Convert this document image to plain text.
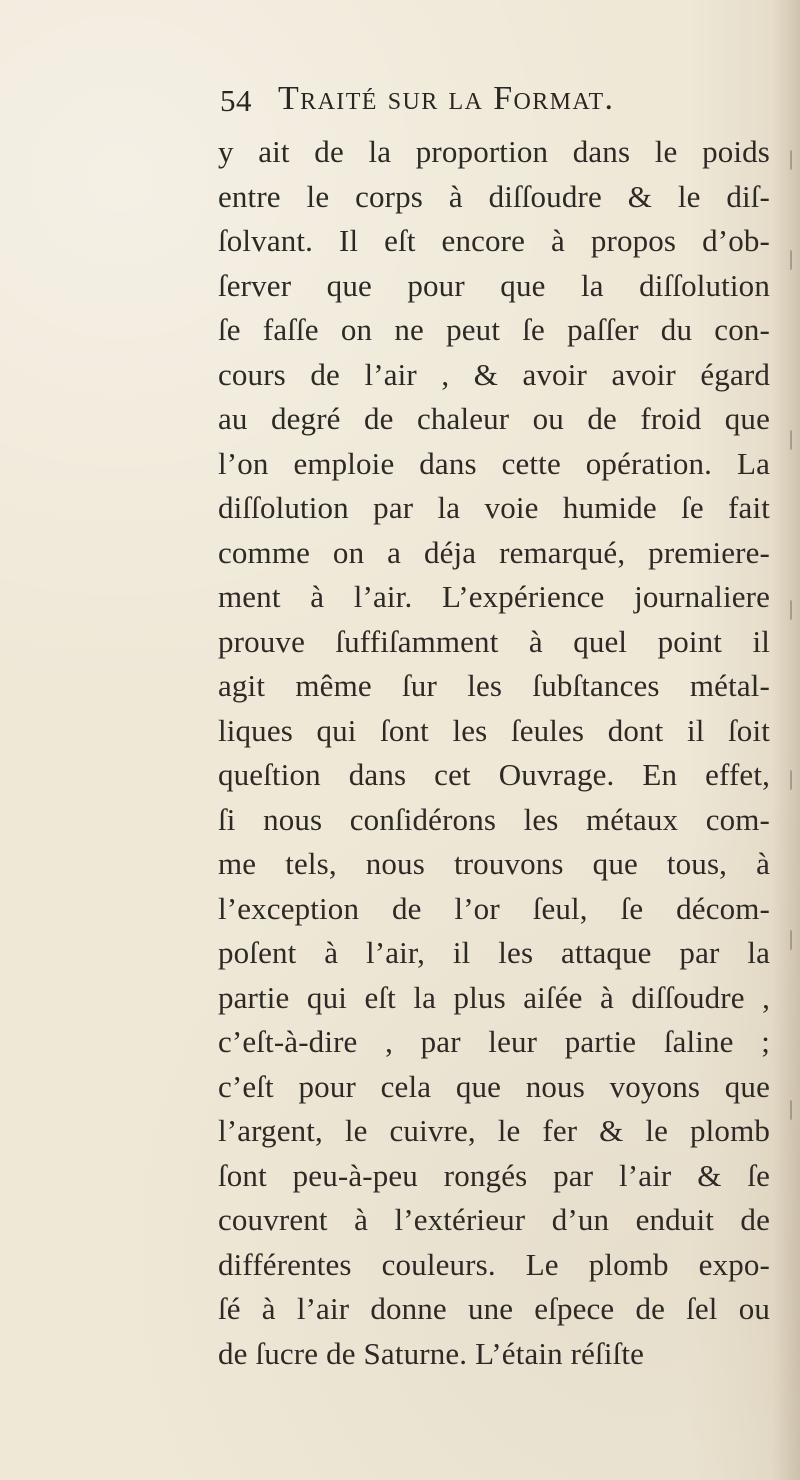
54 Traité sur la Format.
y ait de la proportion dans le poids
entre le corps à diſſoudre & le diſ-
ſolvant. Il eſt encore à propos d’ob-
ſerver que pour que la diſſolution
ſe faſſe on ne peut ſe paſſer du con-
cours de l’air , & avoir avoir égard
au degré de chaleur ou de froid que
l’on emploie dans cette opération. La
diſſolution par la voie humide ſe fait
comme on a déja remarqué, premiere-
ment à l’air. L’expérience journaliere
prouve ſuffiſamment à quel point il
agit même ſur les ſubſtances métal-
liques qui ſont les ſeules dont il ſoit
queſtion dans cet Ouvrage. En effet,
ſi nous conſidérons les métaux com-
me tels, nous trouvons que tous, à
l’exception de l’or ſeul, ſe décom-
poſent à l’air, il les attaque par la
partie qui eſt la plus aiſée à diſſoudre ,
c’eſt-à-dire , par leur partie ſaline ;
c’eſt pour cela que nous voyons que
l’argent, le cuivre, le fer & le plomb
ſont peu-à-peu rongés par l’air & ſe
couvrent à l’extérieur d’un enduit de
différentes couleurs. Le plomb expo-
ſé à l’air donne une eſpece de ſel ou
de ſucre de Saturne. L’étain réſiſte
